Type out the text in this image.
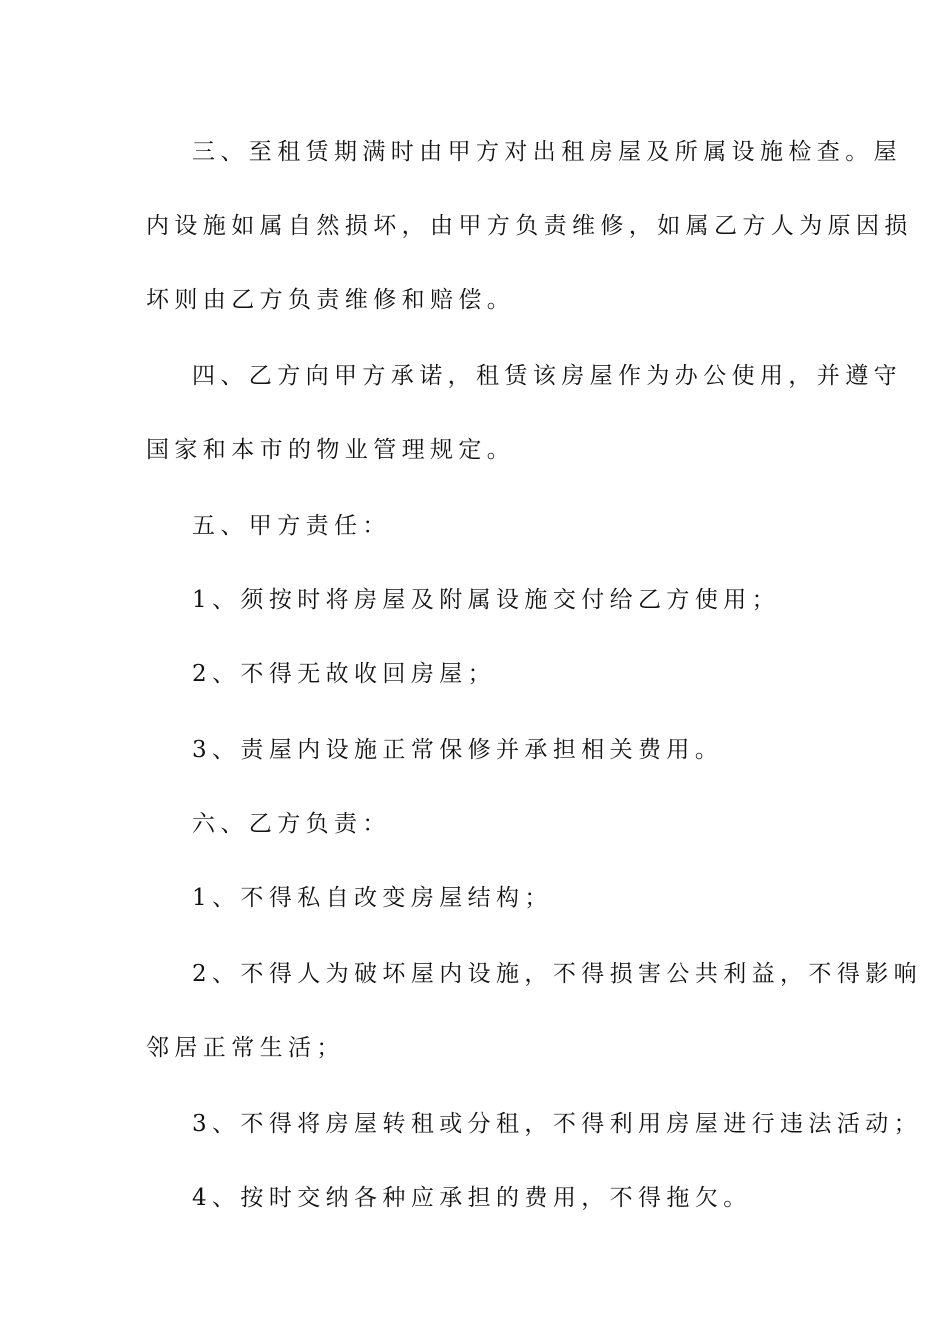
三、至租赁期满时由甲方对出租房屋及所属设施检查。屋
内设施如属自然损坏，由甲方负责维修，如属乙方人为原因损
坏则由乙方负责维修和赔偿。
四、乙方向甲方承诺，租赁该房屋作为办公使用，并遵守
国家和本市的物业管理规定。
五、甲方责任：
1、须按时将房屋及附属设施交付给乙方使用；
2、不得无故收回房屋；
3、责屋内设施正常保修并承担相关费用。
六、乙方负责：
1、不得私自改变房屋结构；
2、不得人为破坏屋内设施，不得损害公共利益，不得影响
邻居正常生活；
3、不得将房屋转租或分租，不得利用房屋进行违法活动；
4、按时交纳各种应承担的费用，不得拖欠。
